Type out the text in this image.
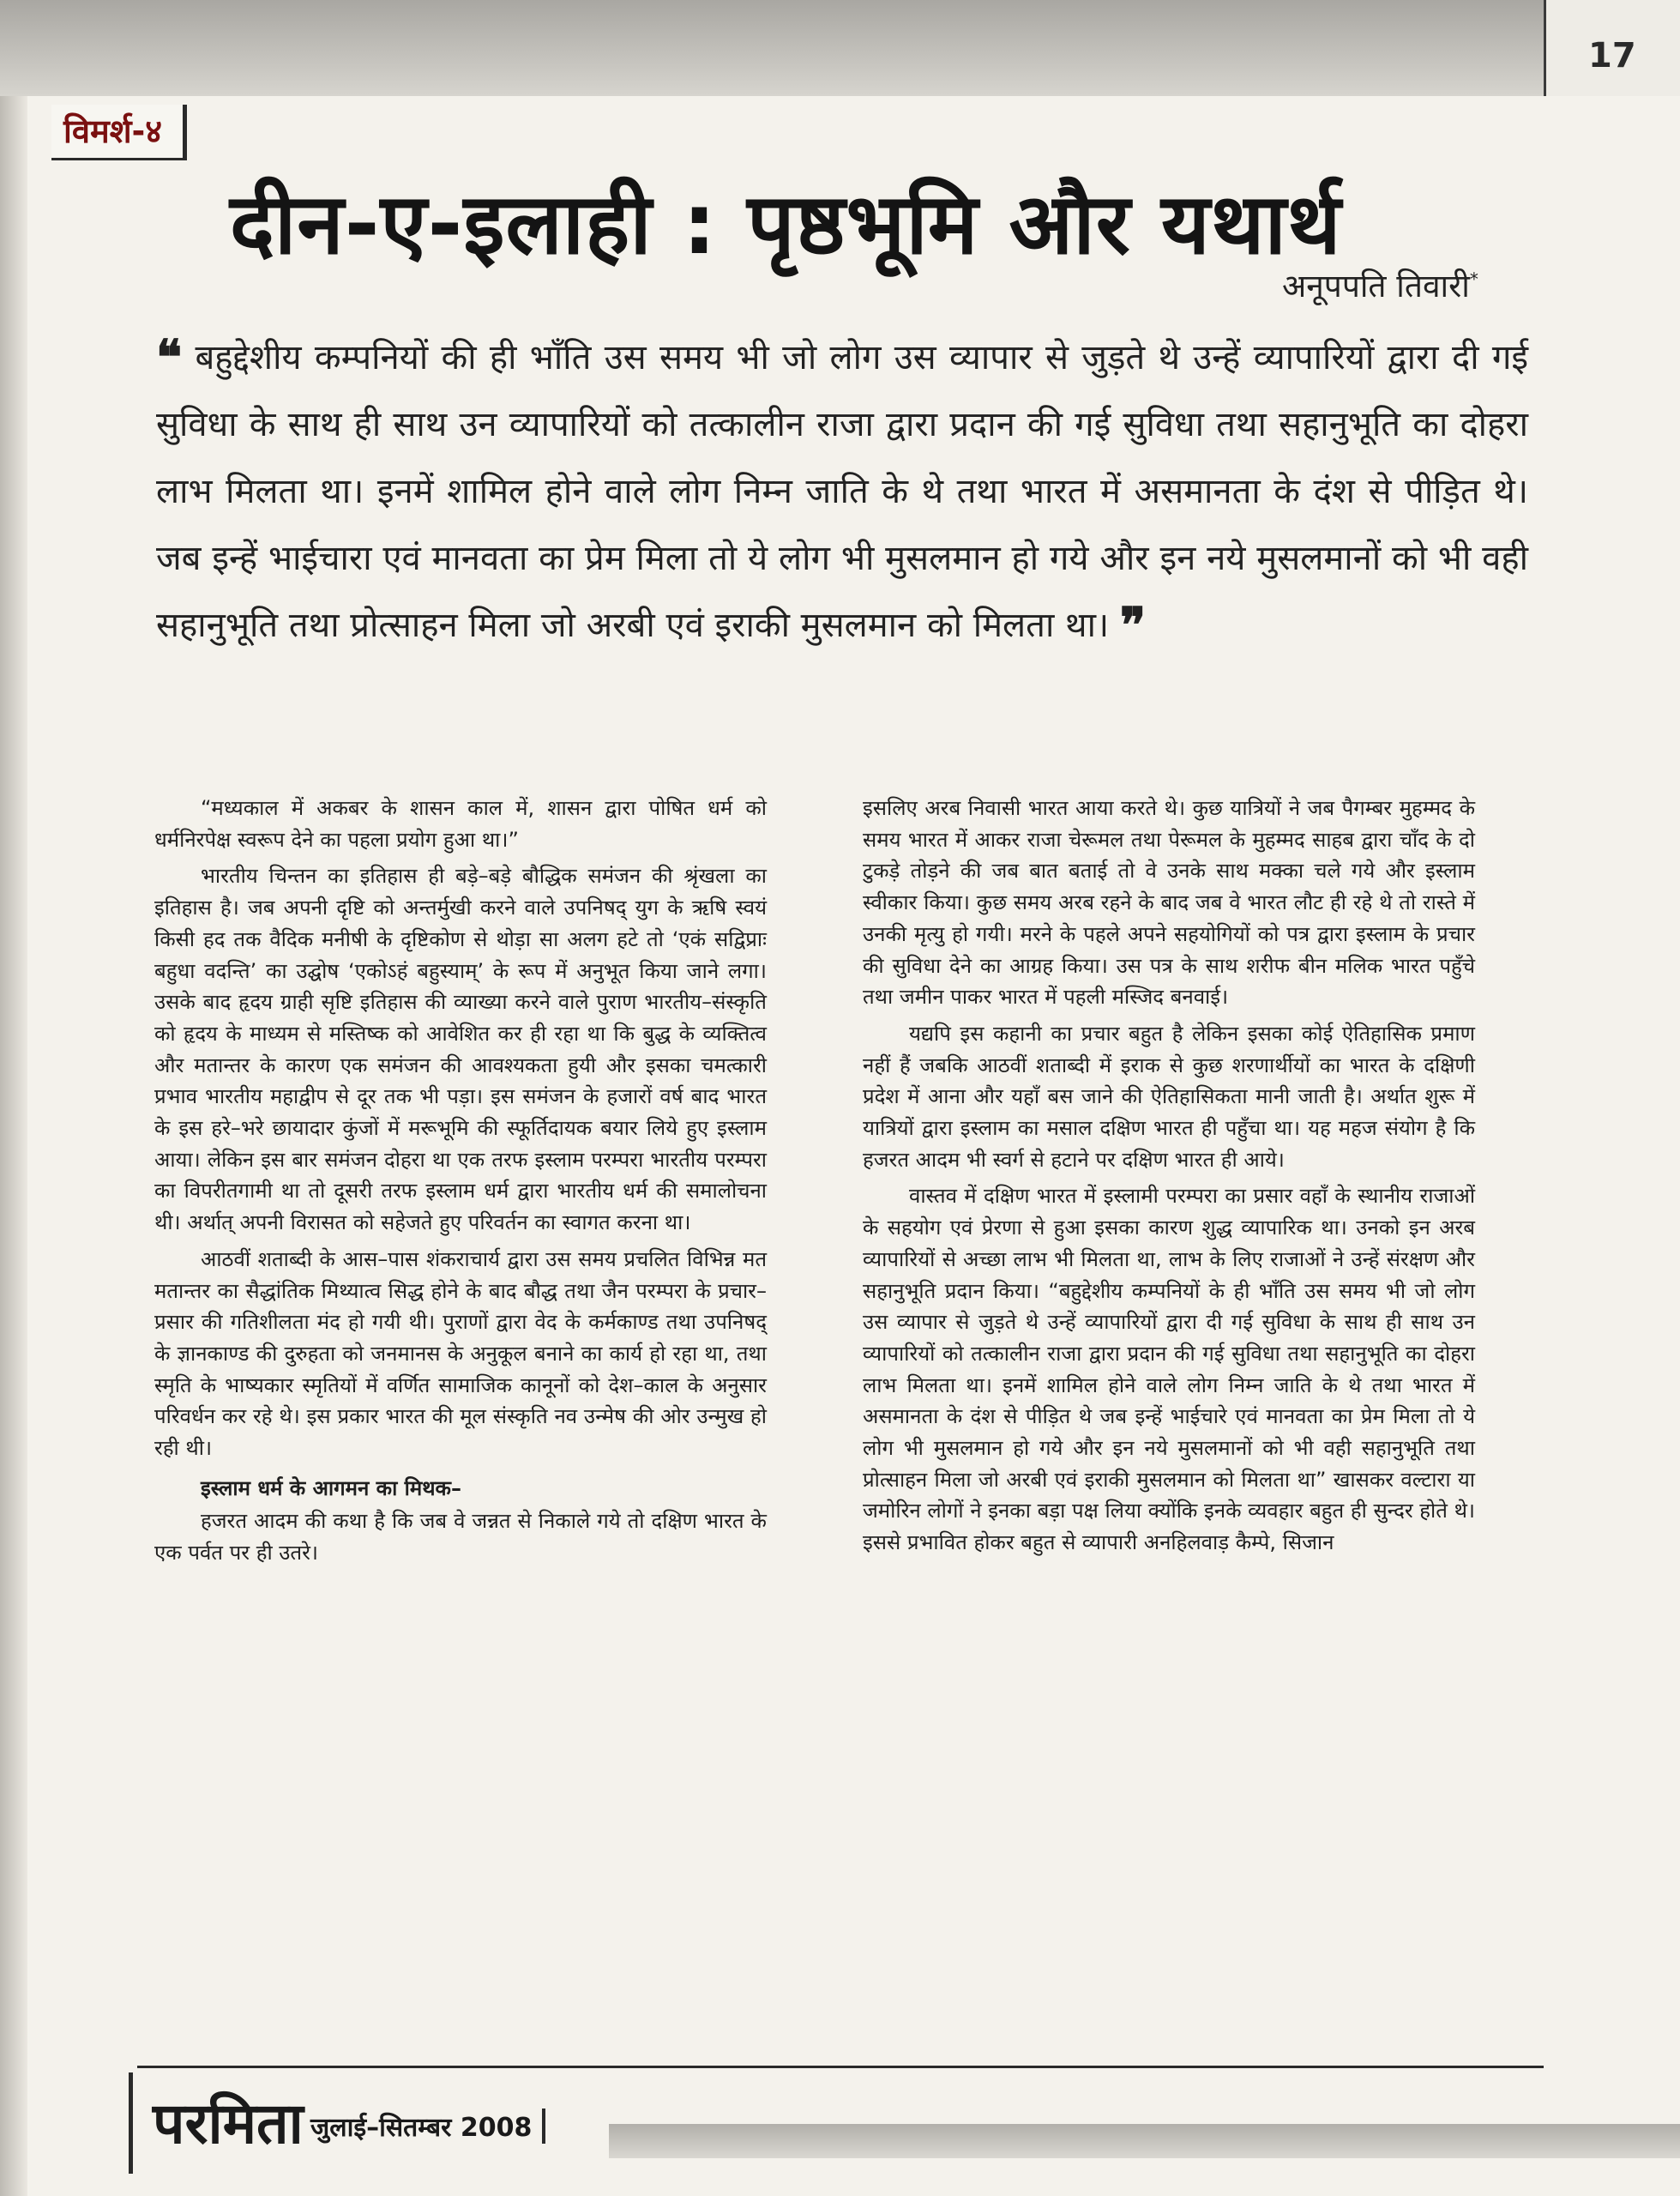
17
विमर्श-४
दीन-ए-इलाही : पृष्ठभूमि और यथार्थ
अनूपपति तिवारी*
❝ बहुद्देशीय कम्पनियों की ही भाँति उस समय भी जो लोग उस व्यापार से जुड़ते थे उन्हें व्यापारियों द्वारा दी गई सुविधा के साथ ही साथ उन व्यापारियों को तत्कालीन राजा द्वारा प्रदान की गई सुविधा तथा सहानुभूति का दोहरा लाभ मिलता था। इनमें शामिल होने वाले लोग निम्न जाति के थे तथा भारत में असमानता के दंश से पीड़ित थे। जब इन्हें भाईचारा एवं मानवता का प्रेम मिला तो ये लोग भी मुसलमान हो गये और इन नये मुसलमानों को भी वही सहानुभूति तथा प्रोत्साहन मिला जो अरबी एवं इराकी मुसलमान को मिलता था। ❞

“मध्यकाल में अकबर के शासन काल में, शासन द्वारा पोषित धर्म को धर्मनिरपेक्ष स्वरूप देने का पहला प्रयोग हुआ था।”

भारतीय चिन्तन का इतिहास ही बड़े–बड़े बौद्धिक समंजन की श्रृंखला का इतिहास है। जब अपनी दृष्टि को अन्तर्मुखी करने वाले उपनिषद् युग के ऋषि स्वयं किसी हद तक वैदिक मनीषी के दृष्टिकोण से थोड़ा सा अलग हटे तो ‘एकं सद्विप्राः बहुधा वदन्ति’ का उद्घोष ‘एकोऽहं बहुस्याम्’ के रूप में अनुभूत किया जाने लगा। उसके बाद हृदय ग्राही सृष्टि इतिहास की व्याख्या करने वाले पुराण भारतीय–संस्कृति को हृदय के माध्यम से मस्तिष्क को आवेशित कर ही रहा था कि बुद्ध के व्यक्तित्व और मतान्तर के कारण एक समंजन की आवश्यकता हुयी और इसका चमत्कारी प्रभाव भारतीय महाद्वीप से दूर तक भी पड़ा। इस समंजन के हजारों वर्ष बाद भारत के इस हरे–भरे छायादार कुंजों में मरूभूमि की स्फूर्तिदायक बयार लिये हुए इस्लाम आया। लेकिन इस बार समंजन दोहरा था एक तरफ इस्लाम परम्परा भारतीय परम्परा का विपरीतगामी था तो दूसरी तरफ इस्लाम धर्म द्वारा भारतीय धर्म की समालोचना थी। अर्थात् अपनी विरासत को सहेजते हुए परिवर्तन का स्वागत करना था।

आठवीं शताब्दी के आस–पास शंकराचार्य द्वारा उस समय प्रचलित विभिन्न मत मतान्तर का सैद्धांतिक मिथ्यात्व सिद्ध होने के बाद बौद्ध तथा जैन परम्परा के प्रचार–प्रसार की गतिशीलता मंद हो गयी थी। पुराणों द्वारा वेद के कर्मकाण्ड तथा उपनिषद् के ज्ञानकाण्ड की दुरुहता को जनमानस के अनुकूल बनाने का कार्य हो रहा था, तथा स्मृति के भाष्यकार स्मृतियों में वर्णित सामाजिक कानूनों को देश–काल के अनुसार परिवर्धन कर रहे थे। इस प्रकार भारत की मूल संस्कृति नव उन्मेष की ओर उन्मुख हो रही थी।

इस्लाम धर्म के आगमन का मिथक–

हजरत आदम की कथा है कि जब वे जन्नत से निकाले गये तो दक्षिण भारत के एक पर्वत पर ही उतरे।

इसलिए अरब निवासी भारत आया करते थे। कुछ यात्रियों ने जब पैगम्बर मुहम्मद के समय भारत में आकर राजा चेरूमल तथा पेरूमल के मुहम्मद साहब द्वारा चाँद के दो टुकड़े तोड़ने की जब बात बताई तो वे उनके साथ मक्का चले गये और इस्लाम स्वीकार किया। कुछ समय अरब रहने के बाद जब वे भारत लौट ही रहे थे तो रास्ते में उनकी मृत्यु हो गयी। मरने के पहले अपने सहयोगियों को पत्र द्वारा इस्लाम के प्रचार की सुविधा देने का आग्रह किया। उस पत्र के साथ शरीफ बीन मलिक भारत पहुँचे तथा जमीन पाकर भारत में पहली मस्जिद बनवाई।

यद्यपि इस कहानी का प्रचार बहुत है लेकिन इसका कोई ऐतिहासिक प्रमाण नहीं हैं जबकि आठवीं शताब्दी में इराक से कुछ शरणार्थीयों का भारत के दक्षिणी प्रदेश में आना और यहाँ बस जाने की ऐतिहासिकता मानी जाती है। अर्थात शुरू में यात्रियों द्वारा इस्लाम का मसाल दक्षिण भारत ही पहुँचा था। यह महज संयोग है कि हजरत आदम भी स्वर्ग से हटाने पर दक्षिण भारत ही आये।

वास्तव में दक्षिण भारत में इस्लामी परम्परा का प्रसार वहाँ के स्थानीय राजाओं के सहयोग एवं प्रेरणा से हुआ इसका कारण शुद्ध व्यापारिक था। उनको इन अरब व्यापारियों से अच्छा लाभ भी मिलता था, लाभ के लिए राजाओं ने उन्हें संरक्षण और सहानुभूति प्रदान किया। “बहुद्देशीय कम्पनियों के ही भाँति उस समय भी जो लोग उस व्यापार से जुड़ते थे उन्हें व्यापारियों द्वारा दी गई सुविधा के साथ ही साथ उन व्यापारियों को तत्कालीन राजा द्वारा प्रदान की गई सुविधा तथा सहानुभूति का दोहरा लाभ मिलता था। इनमें शामिल होने वाले लोग निम्न जाति के थे तथा भारत में असमानता के दंश से पीड़ित थे जब इन्हें भाईचारे एवं मानवता का प्रेम मिला तो ये लोग भी मुसलमान हो गये और इन नये मुसलमानों को भी वही सहानुभूति तथा प्रोत्साहन मिला जो अरबी एवं इराकी मुसलमान को मिलता था” खासकर वल्टारा या जमोरिन लोगों ने इनका बड़ा पक्ष लिया क्योंकि इनके व्यवहार बहुत ही सुन्दर होते थे। इससे प्रभावित होकर बहुत से व्यापारी अनहिलवाड़ कैम्पे, सिजान

परमिता जुलाई–सितम्बर 2008
